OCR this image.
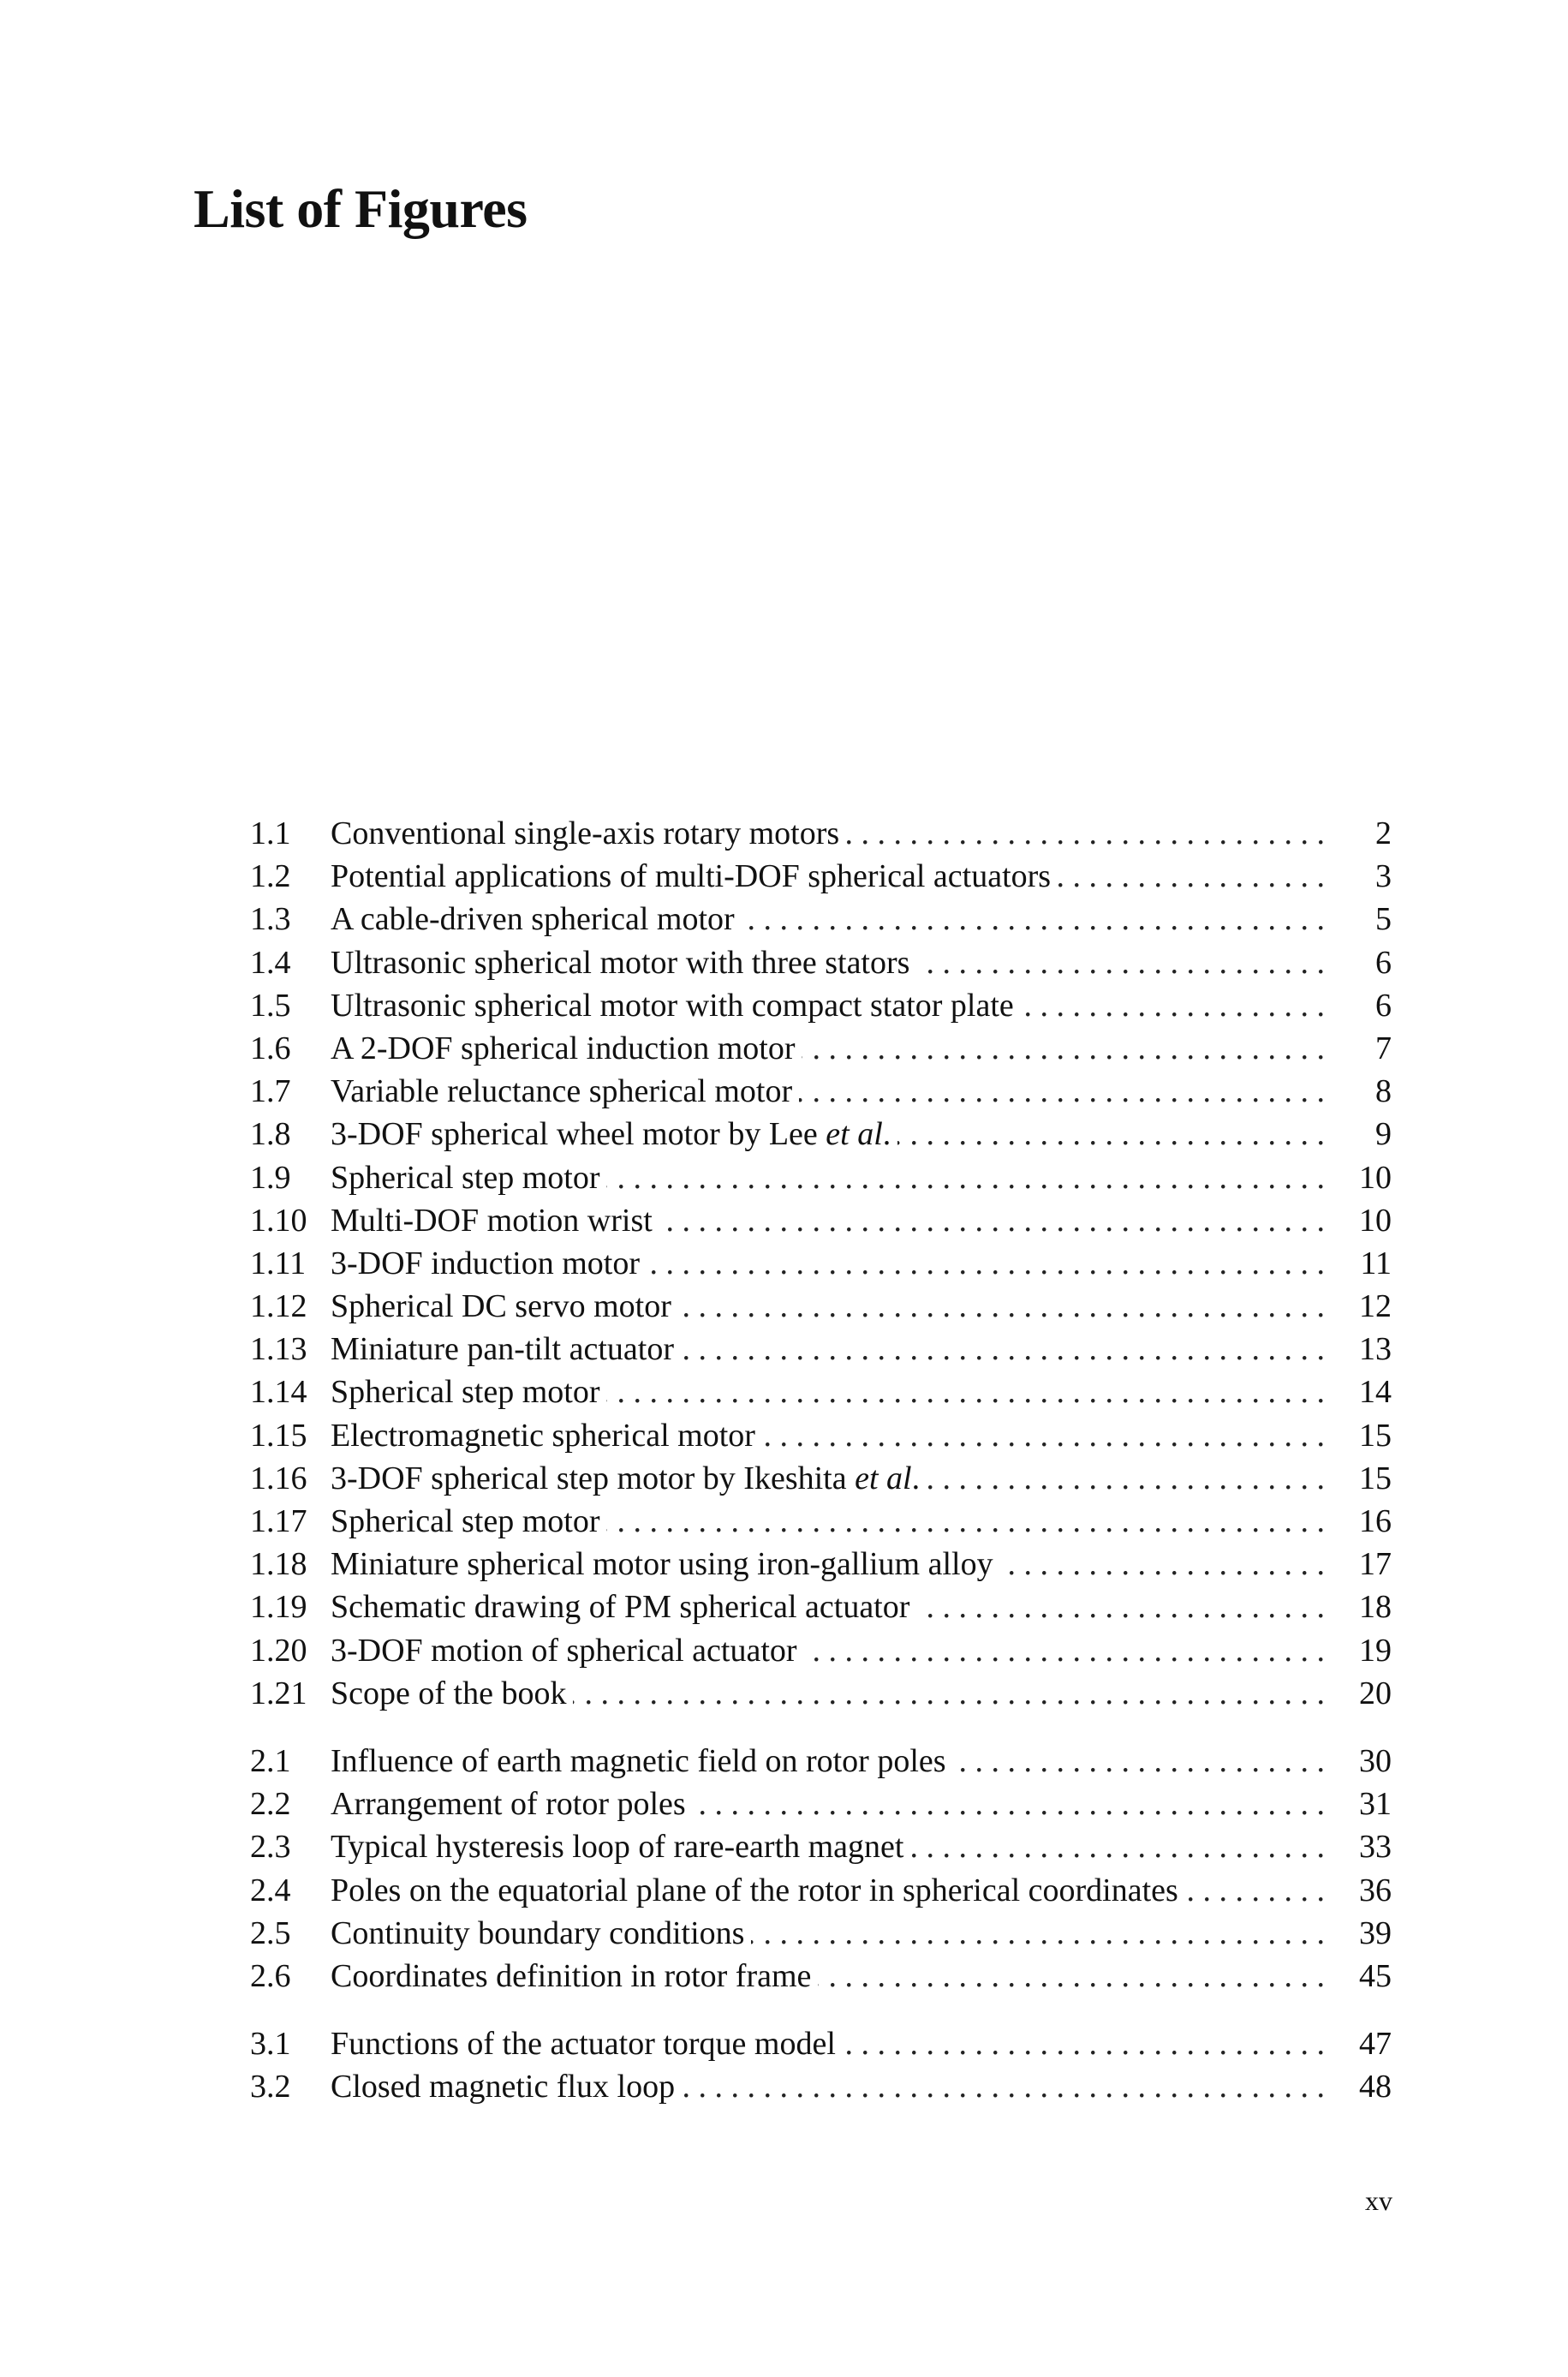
List of Figures
1.1	Conventional single-axis rotary motors . . .	2
1.2	Potential applications of multi-DOF spherical actuators . . .	3
1.3	A cable-driven spherical motor . . .	5
1.4	Ultrasonic spherical motor with three stators . . .	6
1.5	Ultrasonic spherical motor with compact stator plate . . .	6
1.6	A 2-DOF spherical induction motor . . .	7
1.7	Variable reluctance spherical motor . . .	8
1.8	3-DOF spherical wheel motor by Lee et al. . . .	9
1.9	Spherical step motor . . .	10
1.10 Multi-DOF motion wrist . . .	10
1.11 3-DOF induction motor . . .	11
1.12 Spherical DC servo motor . . .	12
1.13 Miniature pan-tilt actuator . . .	13
1.14 Spherical step motor . . .	14
1.15 Electromagnetic spherical motor . . .	15
1.16 3-DOF spherical step motor by Ikeshita et al. . . .	15
1.17 Spherical step motor . . .	16
1.18 Miniature spherical motor using iron-gallium alloy . . .	17
1.19 Schematic drawing of PM spherical actuator . . .	18
1.20 3-DOF motion of spherical actuator . . .	19
1.21 Scope of the book . . .	20
2.1	Influence of earth magnetic field on rotor poles . . .	30
2.2	Arrangement of rotor poles . . .	31
2.3	Typical hysteresis loop of rare-earth magnet . . .	33
2.4	Poles on the equatorial plane of the rotor in spherical coordinates . . .	36
2.5	Continuity boundary conditions . . .	39
2.6	Coordinates definition in rotor frame . . .	45
3.1	Functions of the actuator torque model . . .	47
3.2	Closed magnetic flux loop . . .	48
xv
